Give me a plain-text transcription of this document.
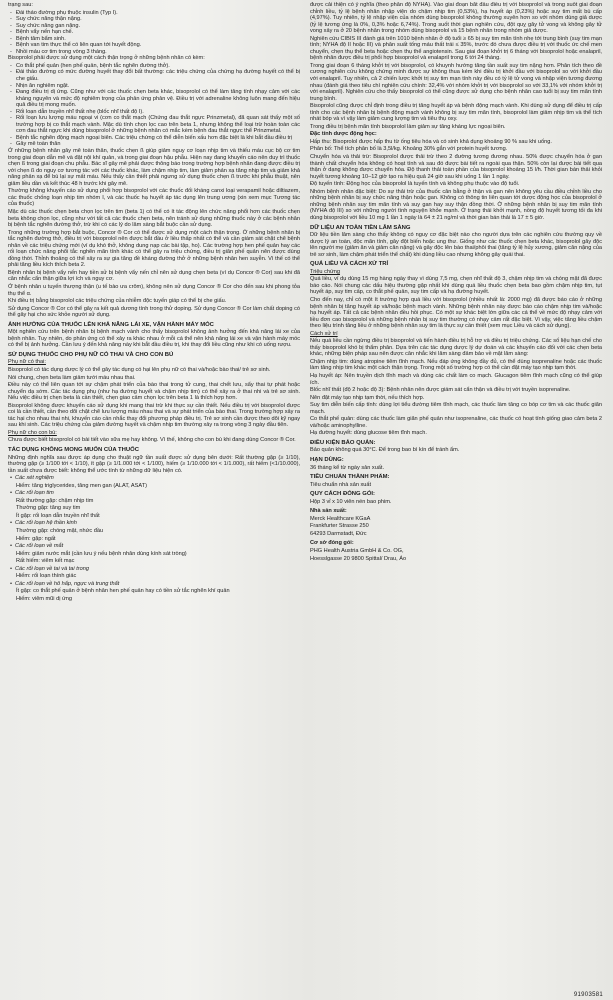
trạng sau:

- Đái tháo đường phụ thuộc insulin (Typ I).
- Suy chức năng thận nặng.
- Suy chức năng gan nặng.
- Bệnh vẩy nến hạn chế.
- Bệnh tâm bẩm sinh.
- Bệnh van tim thực thể có liên quan tới huyết động.
- Nhồi máu cơ tim trong vòng 3 tháng.

Bisoprolol phải được sử dụng một cách thận trọng ở những bệnh nhân có kèm:

- Co thắt phế quản (hen phế quản, bệnh tắc nghẽn đường thở).
- Đái tháo đường có mức đường huyết thay đổi bất thường: các triệu chứng của chứng hạ đường huyết có thể bị che giấu.
- Nhịn ăn nghiêm ngặt.
- Đang điều trị dị ứng. Cũng như với các thuốc chẹn beta khác, bisoprolol có thể làm tăng tính nhạy cảm với các kháng nguyên và mức độ nghiêm trọng của phản ứng phản vệ. Điều trị với adrenaline không luôn mang đến hiệu quả điều trị mong muốn.
- Rối loạn dẫn truyền nhĩ thất nhẹ (blốc nhĩ thất độ I).
- Rối loạn lưu lượng máu ngoại vi (cơn co thắt mạch (Chứng đau thắt ngực Prinzmetal), đã quan sát thấy một số trường hợp bị co thắt mạch vành. Mặc dù tính chọn lọc cao trên beta 1, nhưng không thể loại trừ hoàn toàn các cơn đau thắt ngực khi dùng bisoprolol ở những bệnh nhân có mắc kèm bệnh đau thắt ngực thể Prinzmetal.
- Bệnh tắc nghẽn động mạch ngoại biên. Các triệu chứng có thể diễn biến xấu hơn đặc biệt là khi bắt đầu điều trị
- Gây mê toàn thân

Ở những bệnh nhân gây mê toàn thân, thuốc chẹn ß giúp giảm nguy cơ loạn nhịp tim và thiếu máu cục bộ cơ tim trong giai đoạn dẫn mê và đặt nội khí quản, và trong giai đoạn hậu phẫu. Hiện nay đang khuyến cáo nên duy trì thuốc chẹn ß trong giai đoạn chu phẫu. Bác sĩ gây mê phải được thông báo trong trường hợp bệnh nhân đang được điều trị với chẹn ß do nguy cơ tương tác với các thuốc khác, làm chậm nhịp tim, làm giảm phản xạ tăng nhịp tim và giảm khả năng phản xạ để bù lại sự mất máu. Nếu thấy cần thiết phải ngưng sử dụng thuốc chẹn ß trước khi phẫu thuật, nên giảm liều dần và kết thúc 48 h trước khi gây mê.

Thường không khuyến cáo sử dụng phối hợp bisoprolol với các thuốc đối kháng canxi loại verapamil hoặc diltiazem, các thuốc chống loạn nhịp tim nhóm I, và các thuốc hạ huyết áp tác dụng lên trung ương (xin xem mục Tương tác của thuốc)

Mặc dù các thuốc chẹn beta chọn lọc trên tim (beta 1) có thể có ít tác động lên chức năng phổi hơn các thuốc chẹn beta không chọn lọc, cũng như với tất cả các thuốc chẹn beta, nên tránh sử dụng những thuốc này ở các bệnh nhân bị bệnh tắc nghẽn đường thở, trừ khi có các lý do lâm sàng bắt buộc cần sử dụng.

Trong những trường hợp bắt buộc, Concor ® Cor có thể được sử dụng một cách thận trọng. Ở những bệnh nhân bị tắc nghẽn đường thở, điều trị với bisoprolol nên được bắt đầu ở liều thấp nhất có thể và cần giám sát chặt chẽ bệnh nhân về các triệu chứng mới (ví dụ khó thở, không dung nạp các bài tập, ho). Các trường hợp hen phế quản hay các rối loạn chức năng phổi tắc nghẽn mãn tính khác có thể gây ra triệu chứng, điều trị giãn phế quản nên được dùng đồng thời. Thỉnh thoảng có thể xảy ra sự gia tăng đề kháng đường thở ở những bệnh nhân hen suyễn. Vì thế có thể phải tăng liều kích thích beta 2.

Bệnh nhân bị bệnh vẩy nến hay tiền sử bị bệnh vẩy nến chỉ nên sử dụng chẹn beta (ví dụ Concor ® Cor) sau khi đã cân nhắc cẩn thận giữa lợi ích và nguy cơ.

Ở bệnh nhân u tuyến thượng thận (u tế bào ưa crôm), không nên sử dụng Concor ® Cor cho đến sau khi phong tỏa thụ thể α.

Khi điều trị bằng bisoprolol các triệu chứng của nhiễm độc tuyến giáp có thể bị che giấu.

Sử dụng Concor ® Cor có thể gây ra kết quả dương tính trong thử doping. Sử dụng Concor ® Cor làm chất doping có thể gây hại cho sức khỏe người sử dụng.

ẢNH HƯỞNG CỦA THUỐC LÊN KHẢ NĂNG LÁI XE, VẬN HÀNH MÁY MÓC

Một nghiên cứu trên bệnh nhân bị bệnh mạch vành cho thấy bisoprolol không ảnh hưởng đến khả năng lái xe của bệnh nhân. Tuy nhiên, do phản ứng có thể xảy ra khác nhau ở mỗi cá thể nên khả năng lái xe và vận hành máy móc có thể bị ảnh hưởng. Cần lưu ý đến khả năng này khi bắt đầu điều trị, khi thay đổi liều cũng như khi có uống rượu.

SỬ DỤNG THUỐC CHO PHỤ NỮ CÓ THAI VÀ CHO CON BÚ

Phụ nữ có thai:

Bisoprolol có tác dụng dược lý có thể gây tác dụng có hại lên phụ nữ có thai và/hoặc bào thai/ trẻ sơ sinh.

Nói chung, chẹn beta làm giảm tưới máu nhau thai.

Điều này có thể liên quan tới sự chậm phát triển của bào thai trong tử cung, thai chết lưu, sẩy thai tự phát hoặc chuyển dạ sớm. Các tác dụng phụ (như hạ đường huyết và chậm nhịp tim) có thể xảy ra ở thai nhi và trẻ sơ sinh. Nếu việc điều trị chẹn beta là cần thiết, chẹn giao cảm chọn lọc trên beta 1 là thích hợp hơn.

Bisoprolol không được khuyến cáo sử dụng khi mang thai trừ khi thực sự cần thiết. Nếu điều trị với bisoprolol được coi là cần thiết, cần theo dõi chặt chẽ lưu lượng máu nhau thai và sự phát triển của bào thai. Trong trường hợp xảy ra tác hại cho nhau thai nhi, khuyến cáo cần nhắc thay đổi phương pháp điều trị. Trẻ sơ sinh cần được theo dõi kỹ ngay sau khi sinh. Các triệu chứng của giảm đường huyết và chậm nhịp tim thường xảy ra trong vòng 3 ngày đầu tiên.

Phụ nữ cho con bú:

Chưa được biết bisoprolol có bài tiết vào sữa mẹ hay không. Vì thế, không cho con bú khi đang dùng Concor ® Cor.

TÁC DỤNG KHÔNG MONG MUỐN CỦA THUỐC

Những định nghĩa sau được áp dụng cho thuật ngữ tần suất được sử dụng bên dưới: Rất thường gặp (≥ 1/10), thường gặp (≥ 1/100 tới < 1/10), ít gặp (≥ 1/1.000 tới < 1/100), hiếm (≥ 1/10.000 tới < 1/1.000), rất hiếm (<1/10.000), tần suất chưa được biết: không thể ước tính từ những dữ liệu hiện có.

• Các xét nghiệm

Hiếm: tăng triglycerides, tăng men gan (ALAT, ASAT)

• Các rối loạn tim

Rất thường gặp: chậm nhịp tim

Thường gặp: tăng suy tim

Ít gặp: rối loạn dẫn truyền nhĩ thất

• Các rối loạn hệ thần kinh

Thường gặp: chóng mặt, nhức đầu

Hiếm: gặp: ngất

• Các rối loạn về mắt

Hiếm: giảm nước mắt (cần lưu ý nếu bệnh nhân dùng kính sát tròng)

Rất hiếm: viêm kết mạc

• Các rối loạn về tai và tai trong

Hiếm: rối loạn thính giác

• Các rối loạn về hô hấp, ngực và trung thất

Ít gặp: co thắt phế quản ở bệnh nhân hen phế quản hay có tiền sử tắc nghẽn khí quản

Hiếm: viêm mũi dị ứng

được cải thiện có ý nghĩa (theo phân độ NYHA). Vào giai đoạn bắt đầu điều trị với bisoprolol và trong suốt giai đoạn chỉnh liều, tỷ lệ bệnh nhân nhập viện do chậm nhịp tim (0,53%), hạ huyết áp (0,23%) hoặc suy tim mất bù cấp (4,97%). Tuy nhiên, tỷ lệ nhập viện của nhóm dùng bisoprolol không thường xuyên hơn so với nhóm dùng giả dược (tỷ lệ tương ứng là 0%, 0,3% hoặc 6,74%). Trong suốt thời gian nghiên cứu, đột quỵ gây tử vong và không gây tử vong xảy ra ở 20 bệnh nhân trong nhóm dùng bisoprolol và 15 bệnh nhân trong nhóm giả dược.

Nghiên cứu CIBIS III đánh giá trên 1010 bệnh nhân ở độ tuổi ≥ 65 bị suy tim mãn tính nhẹ tới trung bình (suy tim mạn tính; NYHA độ II hoặc III) và phân suất tống máu thất trái ≤ 35%, trước đó chưa được điều trị với thuốc ức chế men chuyển, chẹn thụ thể beta hoặc chẹn thụ thể angiotensin. Sau giai đoạn khởi trị 6 tháng với bisoprolol hoặc enalapril, bệnh nhân được điều trị phối hợp bisoprolol và enalapril trong 6 tới 24 tháng.

Trong giai đoạn 6 tháng khởi trị với bisoprolol, có khuynh hướng tăng tần suất suy tim nặng hơn. Phân tích theo đề cương nghiên cứu không chứng minh được sự không thua kém khi điều trị khởi đầu với bisoprolol so với khởi đầu với enalapril. Tuy nhiên, cả 2 chiến lược khởi trị suy tim mạn tính này đều có tỷ lệ tử vong và nhập viện tương đương nhau (đánh giá theo tiêu chí nghiên cứu chính: 32,4% với nhóm khởi trị với bisoprolol so với 33,1% với nhóm khởi trị với enalapril). Nghiên cứu cho thấy bisoprolol có thể cũng được sử dụng cho bệnh nhân cao tuổi bị suy tim mãn tính trung bình.

Bisoprolol cũng được chỉ định trong điều trị tăng huyết áp và bệnh động mạch vành. Khi dùng sử dụng để điều trị cấp tính cho các bệnh nhân bị bệnh động mạch vành không bị suy tim mãn tính, bisoprolol làm giảm nhịp tim và thể tích nhát bóp và vì vậy làm giảm cung lượng tim và tiêu thụ oxy.

Trong điều trị bệnh mãn tính bisoprolol làm giảm sự tăng kháng lực ngoại biên.

Đặc tính dược động học:

Hấp thu: Bisoprolol được hấp thu từ ống tiêu hóa và có sinh khả dụng khoảng 90 % sau khi uống.

Phân bố: Thể tích phân bố là 3,5l/kg. Khoảng 30% gắn với protein huyết tương.

Chuyển hóa và thải trừ: Bisoprolol được thải trừ theo 2 đường tương đương nhau. 50% được chuyển hóa ở gan thành chất chuyển hóa không có hoạt tính và sau đó được bài tiết ra ngoài qua thận. 50% còn lại được bài tiết qua thận ở dạng không được chuyển hóa. Độ thanh thải toàn phần của bisoprolol khoảng 15 l/h. Thời gian bán thải khỏi huyết tương khoảng 10–12 giờ tạo ra hiệu quả 24 giờ sau khi uống 1 lần 1 ngày.

Độ tuyến tính: Động học của bisoprolol là tuyến tính và không phụ thuộc vào độ tuổi.

Nhóm bệnh nhân đặc biệt: Do sự thải trừ của thuốc cân bằng ở thận và gan nên không yêu cầu điều chỉnh liều cho những bệnh nhân bị suy chức năng thận hoặc gan. Không có thông tin liên quan tới dược động học của bisoprolol ở những bệnh nhân suy tim mãn tính và suy gan hay suy thận đồng thời. Ở những bệnh nhân bị suy tim mãn tính (NYHA độ III) so với những người tình nguyện khỏe mạnh. Ở trạng thái khởi mạnh, nồng độ huyết tương tối đa khi dùng bisoprolol với liều 10 mg 1 lần 1 ngày là 64 ± 21 ng/ml và thời gian bán thải là 17 ± 5 giờ.

DỮ LIỆU AN TOÀN TIỀN LÂM SÀNG

Dữ liệu tiền lâm sàng cho thấy không có nguy cơ đặc biệt nào cho người dựa trên các nghiên cứu thường quy về dược lý an toàn, độc mãn tính, gây đột biến hoặc ung thư. Giống như các thuốc chẹn beta khác, bisoprolol gây độc lên người mẹ (giảm ăn và giảm cân nặng) và gây độc lên bào thai/phôi thai (tăng tỷ lệ hủy xương, giảm cân nặng của trẻ sơ sinh, làm chậm phát triển thể chất) khi dùng liều cao nhưng không gây quái thai.

QUÁ LIỀU VÀ CÁCH XỬ TRÍ

Triệu chứng

Quá liều, ví dụ dùng 15 mg hàng ngày thay vì dùng 7,5 mg, chẹn nhĩ thất độ 3, chậm nhịp tim và chóng mặt đã được báo cáo. Nói chung các dấu hiệu thường gặp nhất khi dùng quá liều thuốc chẹn beta bao gồm chậm nhịp tim, tụt huyết áp, suy tim cấp, co thắt phế quản, suy tim cấp và hạ đường huyết.

Cho đến nay, chỉ có một ít trường hợp quá liều với bisoprolol (nhiều nhất là: 2000 mg) đã được báo cáo ở những bệnh nhân bị tăng huyết áp và/hoặc bệnh mạch vành. Những bệnh nhân này được báo cáo chậm nhịp tim và/hoặc hạ huyết áp. Tất cả các bệnh nhân đều hồi phục. Có một sự khác biệt lớn giữa các cá thể về mức độ nhạy cảm với liều đơn cao bisoprolol và những bệnh nhân bị suy tim thường có nhạy cảm rất đặc biệt. Vì vậy, việc tăng liều chậm theo liệu trình tăng liều ở những bệnh nhân suy tim là thực sự cần thiết (xem mục Liều và cách sử dụng).

Cách xử trí

Nếu quá liều cần ngừng điều trị bisoprolol và tiến hành điều trị hỗ trợ và điều trị triệu chứng. Các số liệu hạn chế cho thấy bisoprolol khó bị thẩm phân. Dựa trên các tác dụng dược lý dự đoán và các khuyến cáo đối với các chẹn beta khác, những biện pháp sau nên được cân nhắc khi lâm sàng đảm bảo về mặt lâm sàng:

Chậm nhịp tim: dùng atropine tiêm tĩnh mạch. Nếu đáp ứng không đầy đủ, có thể dùng isoprenaline hoặc các thuốc làm tăng nhịp tim khác một cách thận trọng. Trong một số trường hợp có thể cần đặt máy tạo nhịp tạm thời.

Hạ huyết áp: Nên truyền dịch tĩnh mạch và dùng các chất làm co mạch. Glucagon tiêm tĩnh mạch cũng có thể giúp ích.

Blốc nhĩ thất (độ 2 hoặc độ 3): Bệnh nhân nên được giám sát cẩn thận và điều trị với truyền isoprenaline.

Nên đặt máy tạo nhịp tạm thời, nếu thích hợp.

Suy tim diễn biến cấp tính: dùng lợi tiểu đường tiêm tĩnh mạch, các thuốc làm tăng co bóp cơ tim và các thuốc giãn mạch.

Co thắt phế quản: dùng các thuốc làm giãn phế quản như isoprenaline, các thuốc có hoạt tính giống giao cảm beta 2 và/hoặc aminophylline.

Hạ đường huyết: dùng glucose tiêm tĩnh mạch.

ĐIỀU KIỆN BẢO QUẢN:

Bảo quản không quá 30°C. Để trong bao bì kín để tránh ẩm.

HẠN DÙNG:

36 tháng kể từ ngày sản xuất.

TIÊU CHUẨN THÀNH PHẨM:

Tiêu chuẩn nhà sản xuất

QUY CÁCH ĐÓNG GÓI:

Hộp 3 vỉ x 10 viên nén bao phim.

Nhà sản xuất:

Merck Healthcare KGaA

Frankfurter Strasse 250

64293 Darmstadt, Đức

Cơ sở đóng gói:

PHG Health Austria GmbH & Co. OG,

Hoesslgasse 20 9800 Spittal/ Drau, Áo

91903581
